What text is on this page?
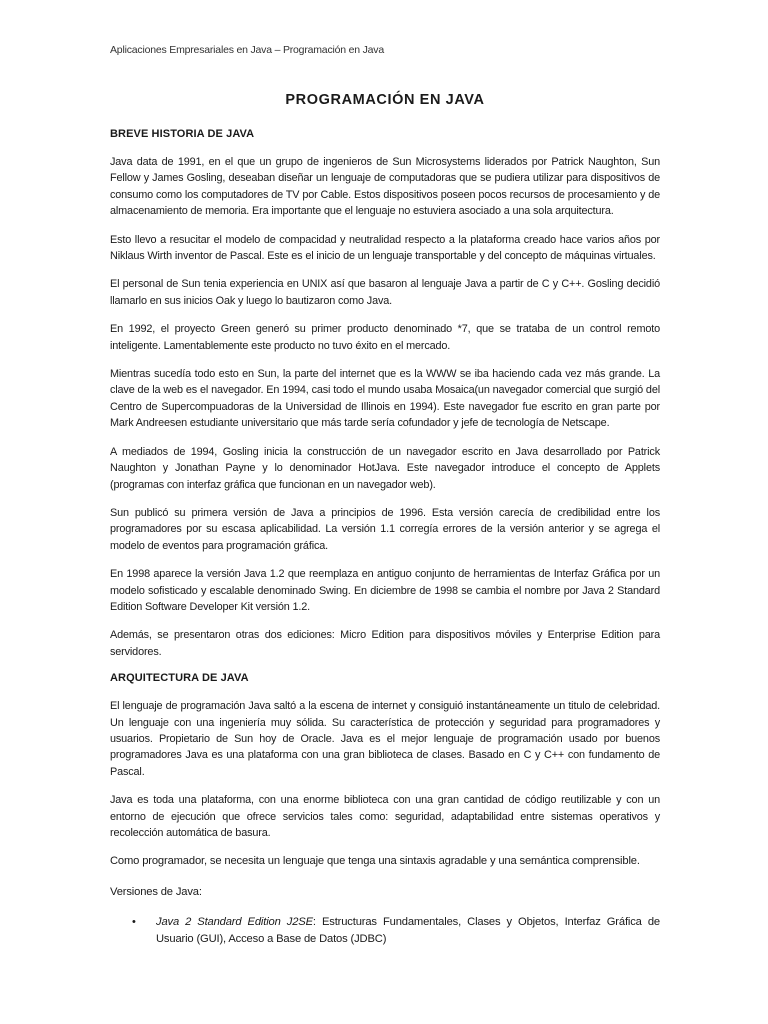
Aplicaciones Empresariales en Java – Programación en Java
PROGRAMACIÓN EN JAVA
BREVE HISTORIA DE JAVA

Java data de 1991, en el que un grupo de ingenieros de Sun Microsystems liderados por Patrick Naughton, Sun Fellow y James Gosling, deseaban diseñar un lenguaje de computadoras que se pudiera utilizar para dispositivos de consumo como los computadores de TV por Cable. Estos dispositivos poseen pocos recursos de procesamiento y de almacenamiento de memoria. Era importante que el lenguaje no estuviera asociado a una sola arquitectura.

Esto llevo a resucitar el modelo de compacidad y neutralidad respecto a la plataforma creado hace varios años por Niklaus Wirth inventor de Pascal. Este es el inicio de un lenguaje transportable y del concepto de máquinas virtuales.

El personal de Sun tenia experiencia en UNIX así que basaron al lenguaje Java a partir de C y C++. Gosling decidió llamarlo en sus inicios Oak y luego lo bautizaron como Java.

En 1992, el proyecto Green generó su primer producto denominado *7, que se trataba de un control remoto inteligente. Lamentablemente este producto no tuvo éxito en el mercado.

Mientras sucedía todo esto en Sun, la parte del internet que es la WWW se iba haciendo cada vez más grande. La clave de la web es el navegador. En 1994, casi todo el mundo usaba Mosaica(un navegador comercial que surgió del Centro de Supercompuadoras de la Universidad de Illinois en 1994). Este navegador fue escrito en gran parte por Mark Andreesen estudiante universitario que más tarde sería cofundador y jefe de tecnología de Netscape.

A mediados de 1994, Gosling inicia la construcción de un navegador escrito en Java desarrollado por Patrick Naughton y Jonathan Payne y lo denominador HotJava. Este navegador introduce el concepto de Applets (programas con interfaz gráfica que funcionan en un navegador web).

Sun publicó su primera versión de Java a principios de 1996. Esta versión carecía de credibilidad entre los programadores por su escasa aplicabilidad. La versión 1.1 corregía errores de la versión anterior y se agrega el modelo de eventos para programación gráfica.

En 1998 aparece la versión Java 1.2 que reemplaza en antiguo conjunto de herramientas de Interfaz Gráfica por un modelo sofisticado y escalable denominado Swing. En diciembre de 1998 se cambia el nombre por Java 2 Standard Edition Software Developer Kit versión 1.2.

Además, se presentaron otras dos ediciones: Micro Edition para dispositivos móviles y Enterprise Edition para servidores.

ARQUITECTURA DE JAVA

El lenguaje de programación Java saltó a la escena de internet y consiguió instantáneamente un titulo de celebridad. Un lenguaje con una ingeniería muy sólida. Su característica de protección y seguridad para programadores y usuarios. Propietario de Sun hoy de Oracle. Java es el mejor lenguaje de programación usado por buenos programadores Java es una plataforma con una gran biblioteca de clases. Basado en C y C++ con fundamento de Pascal.

Java es toda una plataforma, con una enorme biblioteca con una gran cantidad de código reutilizable y con un entorno de ejecución que ofrece servicios tales como: seguridad, adaptabilidad entre sistemas operativos y recolección automática de basura.

Como programador, se necesita un lenguaje que tenga una sintaxis agradable y una semántica comprensible.

Versiones de Java:

• Java 2 Standard Edition J2SE: Estructuras Fundamentales, Clases y Objetos, Interfaz Gráfica de Usuario (GUI), Acceso a Base de Datos (JDBC)
